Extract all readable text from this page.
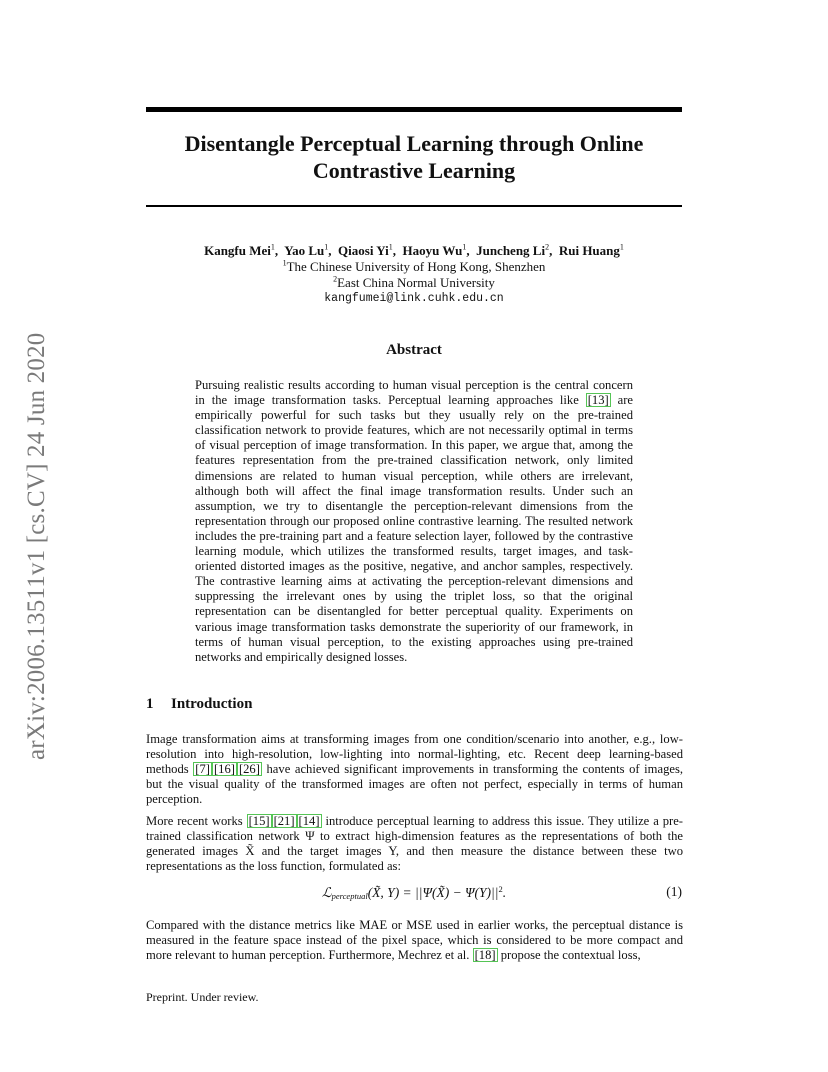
arXiv:2006.13511v1 [cs.CV] 24 Jun 2020
Disentangle Perceptual Learning through Online
Contrastive Learning
Kangfu Mei$^1$,  Yao Lu$^1$,  Qiaosi Yi$^1$,  Haoyu Wu$^1$,  Juncheng Li$^2$,  Rui Huang$^1$
$^1$The Chinese University of Hong Kong, Shenzhen
$^2$East China Normal University
kangfumei@link.cuhk.edu.cn
Abstract
Pursuing realistic results according to human visual perception is the central concern in the image transformation tasks. Perceptual learning approaches like [13] are empirically powerful for such tasks but they usually rely on the pre-trained classification network to provide features, which are not necessarily optimal in terms of visual perception of image transformation. In this paper, we argue that, among the features representation from the pre-trained classification network, only limited dimensions are related to human visual perception, while others are irrelevant, although both will affect the final image transformation results. Under such an assumption, we try to disentangle the perception-relevant dimensions from the representation through our proposed online contrastive learning. The resulted network includes the pre-training part and a feature selection layer, followed by the contrastive learning module, which utilizes the transformed results, target images, and task-oriented distorted images as the positive, negative, and anchor samples, respectively. The contrastive learning aims at activating the perception-relevant dimensions and suppressing the irrelevant ones by using the triplet loss, so that the original representation can be disentangled for better perceptual quality. Experiments on various image transformation tasks demonstrate the superiority of our framework, in terms of human visual perception, to the existing approaches using pre-trained networks and empirically designed losses.
1 Introduction

Image transformation aims at transforming images from one condition/scenario into another, e.g., low-resolution into high-resolution, low-lighting into normal-lighting, etc. Recent deep learning-based methods [7] [16] [26] have achieved significant improvements in transforming the contents of images, but the visual quality of the transformed images are often not perfect, especially in terms of human perception.

More recent works [15] [21] [14] introduce perceptual learning to address this issue. They utilize a pre-trained classification network Ψ to extract high-dimension features as the representations of both the generated images X̃ and the target images Y, and then measure the distance between these two representations as the loss function, formulated as:

ℒ$_{perceptual}$(X̃, Y) = ||Ψ(X̃) − $\Psi(Y)||^2$.	(1)

Compared with the distance metrics like MAE or MSE used in earlier works, the perceptual distance is measured in the feature space instead of the pixel space, which is considered to be more compact and more relevant to human perception. Furthermore, Mechrez et al. [18] propose the contextual loss,

Preprint. Under review.
